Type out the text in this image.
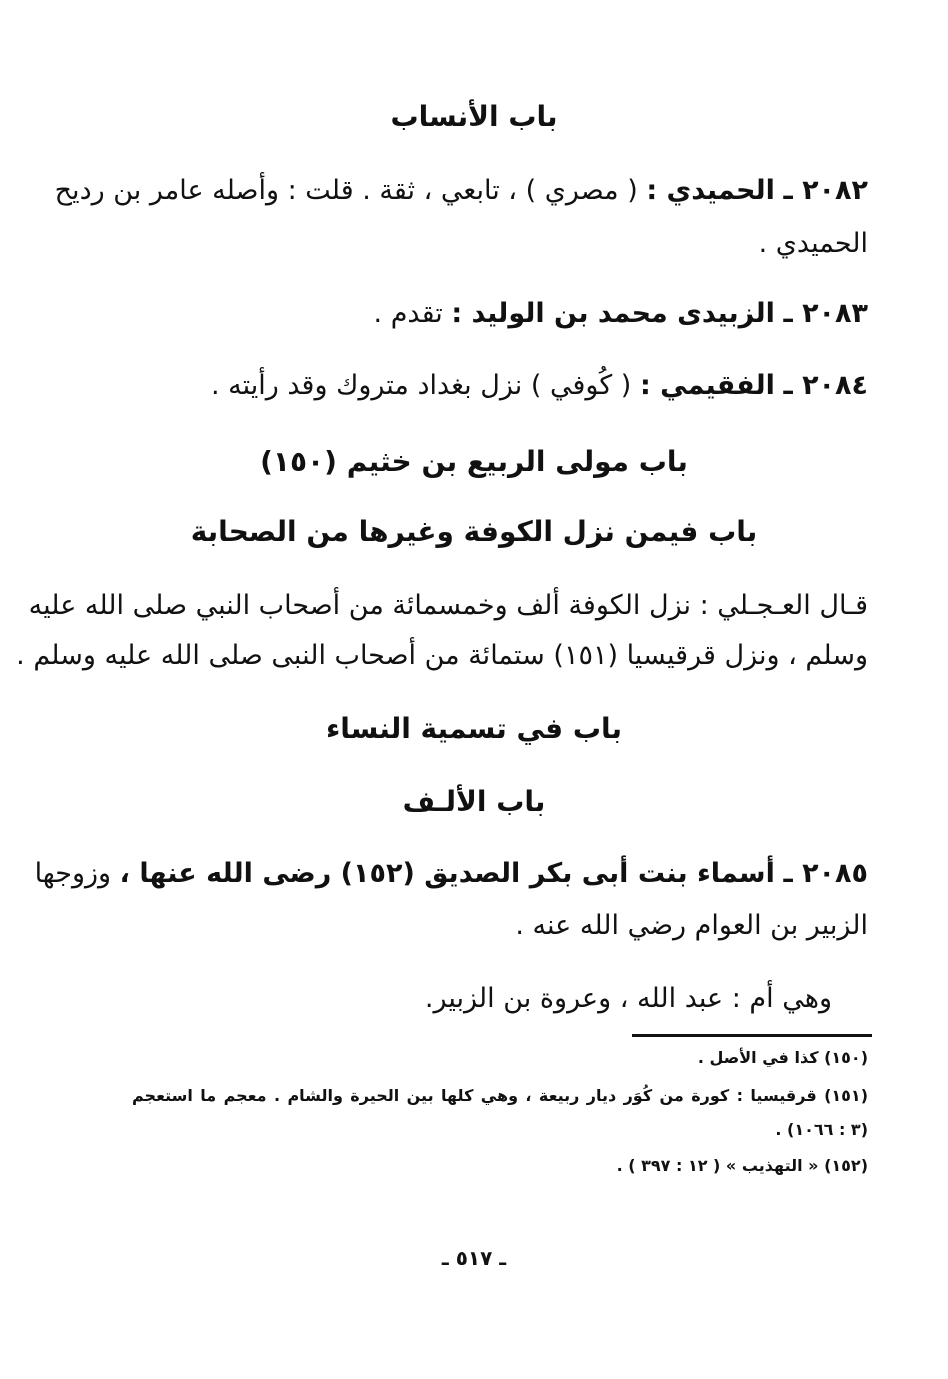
باب الأنساب
٢٠٨٢ ـ الحميدي : ( مصري ) ، تابعي ، ثقة . قلت : وأصله عامر بن رديح
الحميدي .
٢٠٨٣ ـ الزبيدى محمد بن الوليد : تقدم .
٢٠٨٤ ـ الفقيمي : ( كُوفي ) نزل بغداد متروك وقد رأيته .
باب مولى الربيع بن خثيم (١٥٠)
باب فيمن نزل الكوفة وغيرها من الصحابة
قـال العـجـلي : نزل الكوفة ألف وخمسمائة من أصحاب النبي صلى الله عليه
وسلم ، ونزل قرقيسيا (١٥١) ستمائة من أصحاب النبى صلى الله عليه وسلم .
باب في تسمية النساء
باب الألـف
٢٠٨٥ ـ أسماء بنت أبى بكر الصديق (١٥٢) رضى الله عنها ، وزوجها
الزبير بن العوام رضي الله عنه .
وهي أم : عبد الله ، وعروة بن الزبير.
(١٥٠) كذا في الأصل .
(١٥١) قرقيسيا : كورة من كُوَر ديار ربيعة ، وهي كلها بين الحيرة والشام . معجم ما استعجم
(٣ : ١٠٦٦) .
(١٥٢) « التهذيب » ( ١٢ : ٣٩٧ ) .
ـ ٥١٧ ـ
